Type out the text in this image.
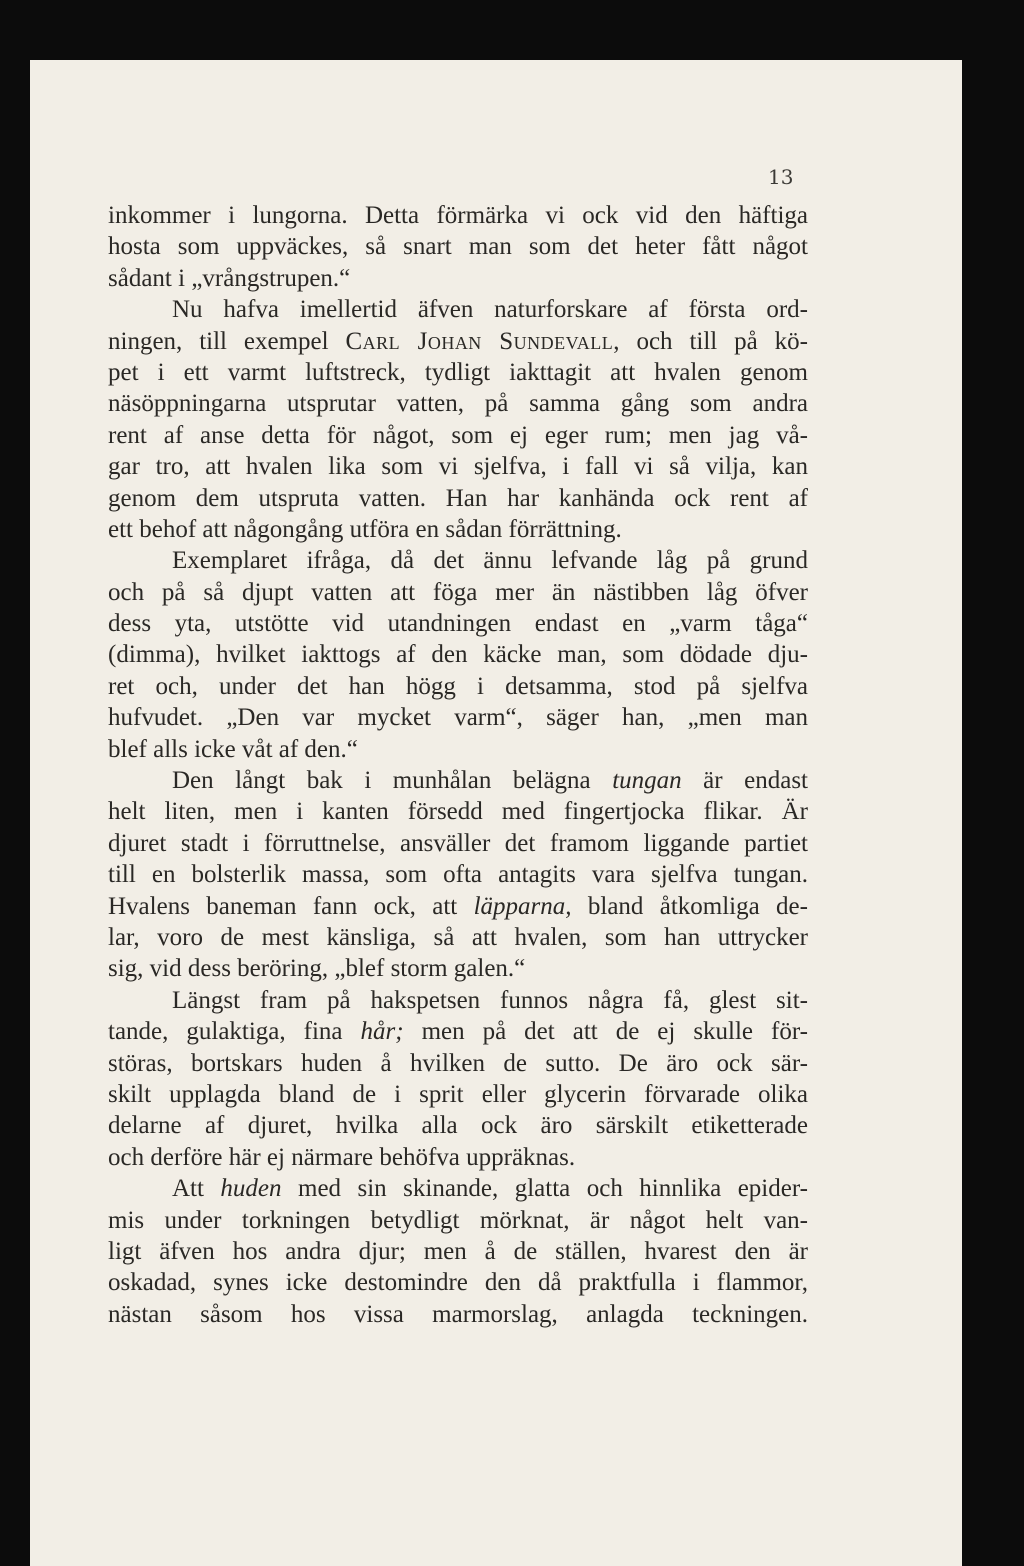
13
inkommer i lungorna. Detta förmärka vi ock vid den häftiga
hosta som uppväckes, så snart man som det heter fått något
sådant i „vrångstrupen.“
Nu hafva imellertid äfven naturforskare af första ord-
ningen, till exempel Carl Johan Sundevall, och till på kö-
pet i ett varmt luftstreck, tydligt iakttagit att hvalen genom
näsöppningarna utsprutar vatten, på samma gång som andra
rent af anse detta för något, som ej eger rum; men jag vå-
gar tro, att hvalen lika som vi sjelfva, i fall vi så vilja, kan
genom dem utspruta vatten. Han har kanhända ock rent af
ett behof att någongång utföra en sådan förrättning.
Exemplaret ifråga, då det ännu lefvande låg på grund
och på så djupt vatten att föga mer än nästibben låg öfver
dess yta, utstötte vid utandningen endast en „varm tåga“
(dimma), hvilket iakttogs af den käcke man, som dödade dju-
ret och, under det han högg i detsamma, stod på sjelfva
hufvudet. „Den var mycket varm“, säger han, „men man
blef alls icke våt af den.“
Den långt bak i munhålan belägna tungan är endast
helt liten, men i kanten försedd med fingertjocka flikar. Är
djuret stadt i förruttnelse, ansväller det framom liggande partiet
till en bolsterlik massa, som ofta antagits vara sjelfva tungan.
Hvalens baneman fann ock, att läpparna, bland åtkomliga de-
lar, voro de mest känsliga, så att hvalen, som han uttrycker
sig, vid dess beröring, „blef storm galen.“
Längst fram på hakspetsen funnos några få, glest sit-
tande, gulaktiga, fina hår; men på det att de ej skulle för-
störas, bortskars huden å hvilken de sutto. De äro ock sär-
skilt upplagda bland de i sprit eller glycerin förvarade olika
delarne af djuret, hvilka alla ock äro särskilt etiketterade
och derföre här ej närmare behöfva uppräknas.
Att huden med sin skinande, glatta och hinnlika epider-
mis under torkningen betydligt mörknat, är något helt van-
ligt äfven hos andra djur; men å de ställen, hvarest den är
oskadad, synes icke destomindre den då praktfulla i flammor,
nästan såsom hos vissa marmorslag, anlagda teckningen.
